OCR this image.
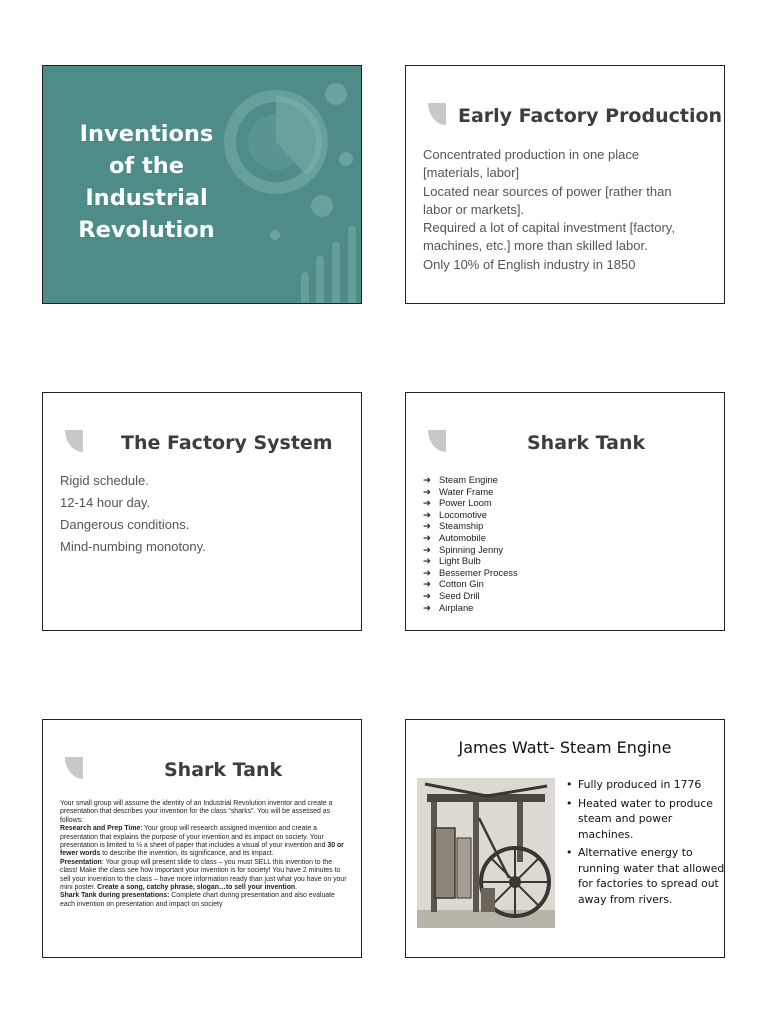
Inventions
of the
Industrial
Revolution
Early Factory Production
Concentrated production in one place
[materials, labor]
Located near sources of power [rather than
labor or markets].
Required a lot of capital investment [factory,
machines, etc.] more than skilled labor.
Only 10% of English industry in 1850
The Factory System
Rigid schedule.
12-14 hour day.
Dangerous conditions.
Mind-numbing monotony.
Shark Tank
➔ Steam Engine
➔ Water Frame
➔ Power Loom
➔ Locomotive
➔ Steamship
➔ Automobile
➔ Spinning Jenny
➔ Light Bulb
➔ Bessemer Process
➔ Cotton Gin
➔ Seed Drill
➔ Airplane
Shark Tank
Your small group will assume the identity of an Industrial Revolution inventor and create a presentation that describes your invention for the class “sharks”. You will be assessed as follows:
Research and Prep Time: Your group will research assigned invention and create a presentation that explains the purpose of your invention and its impact on society. Your presentation is limited to ½ a sheet of paper that includes a visual of your invention and 30 or fewer words to describe the invention, its significance, and its impact.
Presentation: Your group will present slide to class – you must SELL this invention to the class! Make the class see how important your invention is for society! You have 2 minutes to sell your invention to the class – have more information ready than just what you have on your mini poster. Create a song, catchy phrase, slogan…to sell your invention.
Shark Tank during presentations: Complete chart during presentation and also evaluate each invention on presentation and impact on society
James Watt- Steam Engine
• Fully produced in 1776
• Heated water to produce steam and power machines.
• Alternative energy to running water that allowed for factories to spread out away from rivers.
